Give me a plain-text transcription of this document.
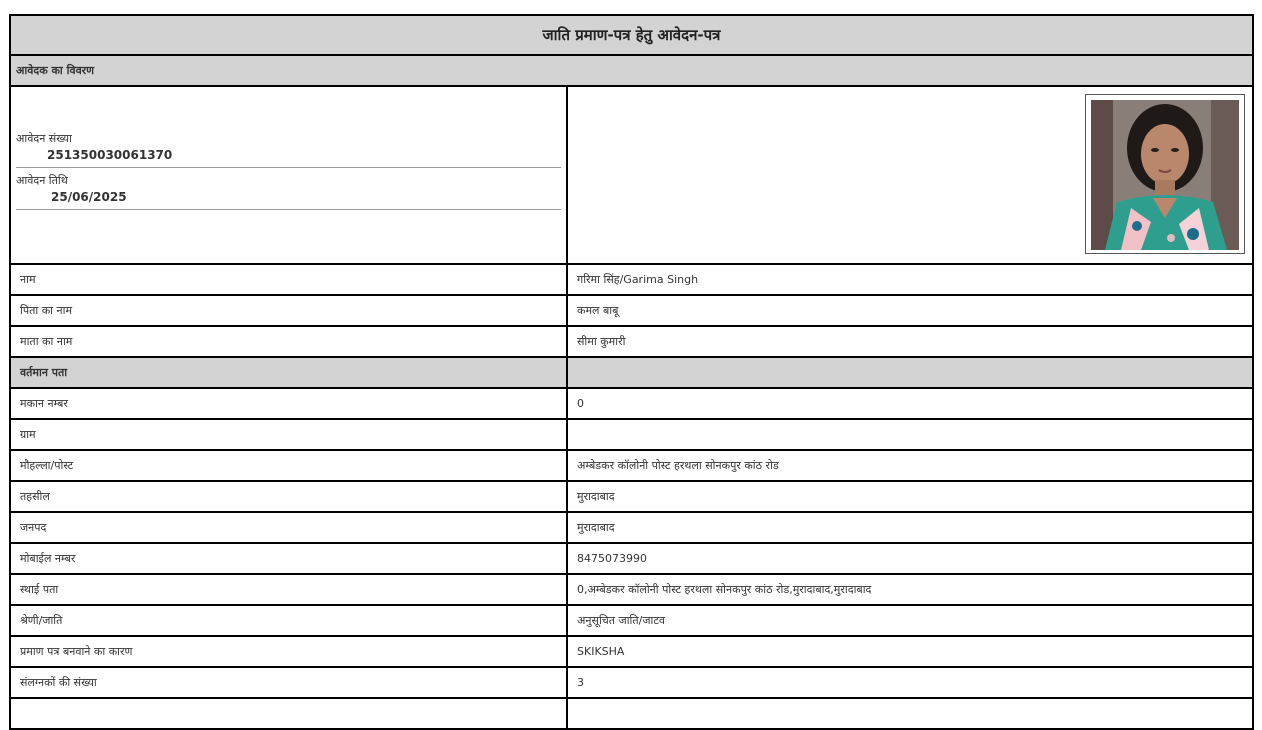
जाति प्रमाण-पत्र हेतु आवेदन-पत्र
आवेदक का विवरण
आवेदन संख्या
251350030061370
आवेदन तिथि
25/06/2025
नाम	गरिमा सिंह/Garima Singh
पिता का नाम	कमल बाबू
माता का नाम	सीमा कुमारी
वर्तमान पता
मकान नम्बर	0
ग्राम
मौहल्ला/पोस्ट	अम्बेडकर कॉलोनी पोस्ट हरथला सोनकपुर कांठ रोड
तहसील	मुरादाबाद
जनपद	मुरादाबाद
मोबाईल नम्बर	8475073990
स्थाई पता	0,अम्बेडकर कॉलोनी पोस्ट हरथला सोनकपुर कांठ रोड,मुरादाबाद,मुरादाबाद
श्रेणी/जाति	अनुसूचित जाति/जाटव
प्रमाण पत्र बनवाने का कारण	SKIKSHA
संलग्नकों की संख्या	3
